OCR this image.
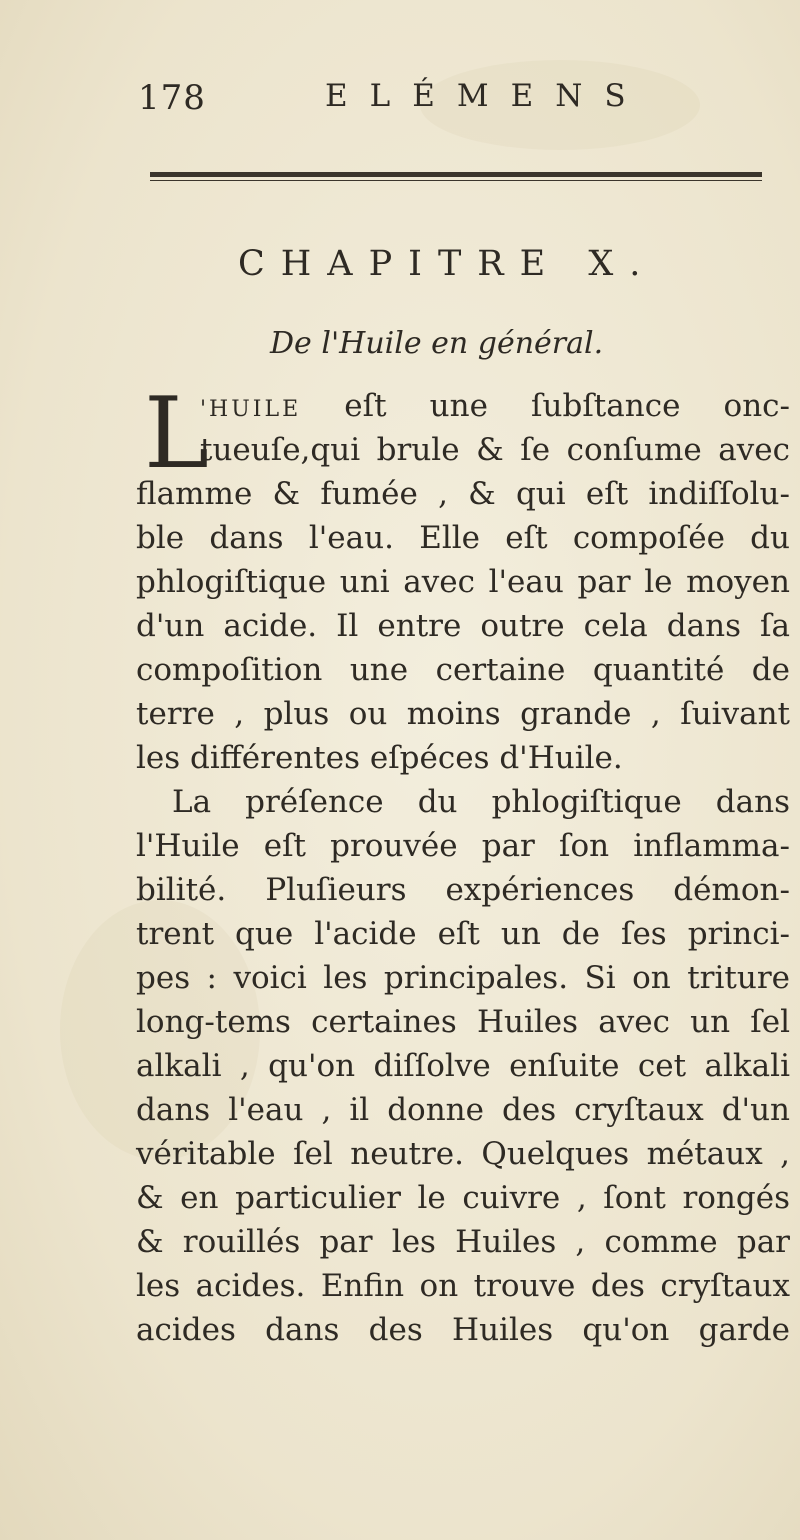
178	ELÉMENS
CHAPITRE X.
De l'Huile en général.
L
'HUILE eſt une ſubſtance onc-
tueuſe,qui brule & ſe conſume avec
flamme & fumée , & qui eſt indiſſolu-
ble dans l'eau. Elle eſt compoſée du
phlogiſtique uni avec l'eau par le moyen
d'un acide. Il entre outre cela dans ſa
compoſition une certaine quantité de
terre , plus ou moins grande , ſuivant
les différentes eſpéces d'Huile.
La préſence du phlogiſtique dans
l'Huile eſt prouvée par ſon inflamma-
bilité. Pluſieurs expériences démon-
trent que l'acide eſt un de ſes princi-
pes : voici les principales. Si on triture
long-tems certaines Huiles avec un ſel
alkali , qu'on diſſolve enſuite cet alkali
dans l'eau , il donne des cryſtaux d'un
véritable ſel neutre. Quelques métaux ,
& en particulier le cuivre , ſont rongés
& rouillés par les Huiles , comme par
les acides. Enfin on trouve des cryſtaux
acides dans des Huiles qu'on garde
